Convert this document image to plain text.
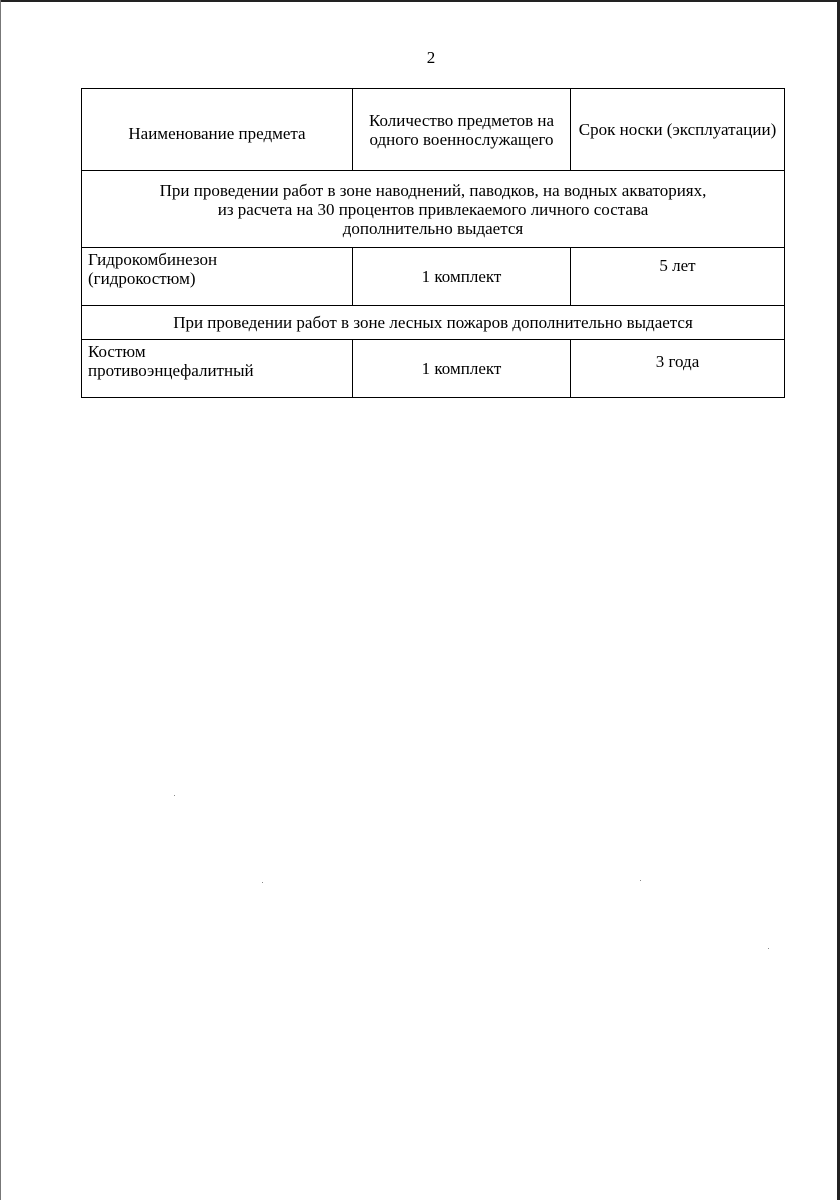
2
Наименование предмета	Количество предметов на одного военнослужащего	Срок носки (эксплуатации)

При проведении работ в зоне наводнений, паводков, на водных акваториях,
из расчета на 30 процентов привлекаемого личного состава
дополнительно выдается		

Гидрокомбинезон
(гидрокостюм)	1 комплект	5 лет

При проведении работ в зоне лесных пожаров дополнительно выдается		

Костюм
противоэнцефалитный	1 комплект	3 года
